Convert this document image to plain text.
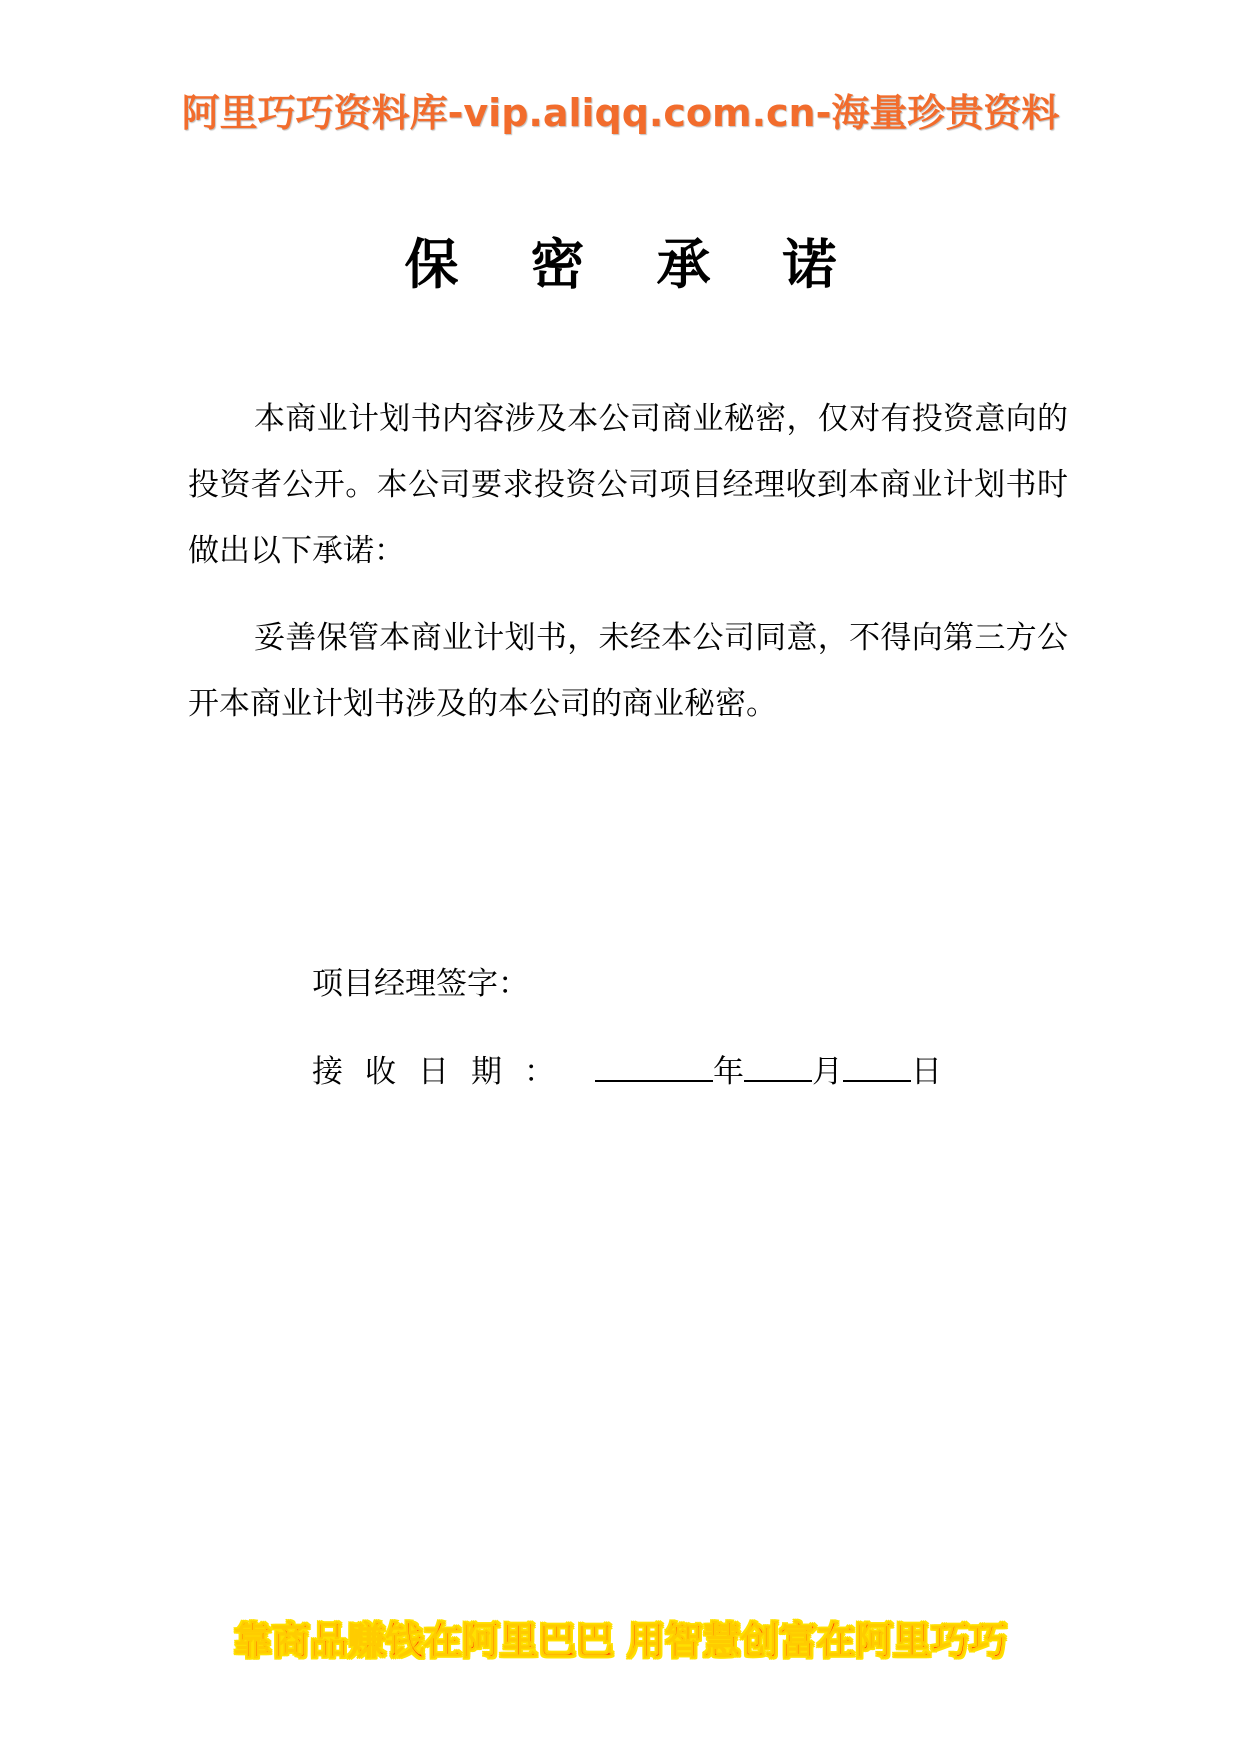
阿里巧巧资料库-vip.aliqq.com.cn-海量珍贵资料
保密承诺
本商业计划书内容涉及本公司商业秘密，仅对有投资意向的投资者公开。本公司要求投资公司项目经理收到本商业计划书时做出以下承诺：
妥善保管本商业计划书，未经本公司同意，不得向第三方公开本商业计划书涉及的本公司的商业秘密。
项目经理签字：
接收日期：	年 月 日
靠商品赚钱在阿里巴巴 用智慧创富在阿里巧巧
